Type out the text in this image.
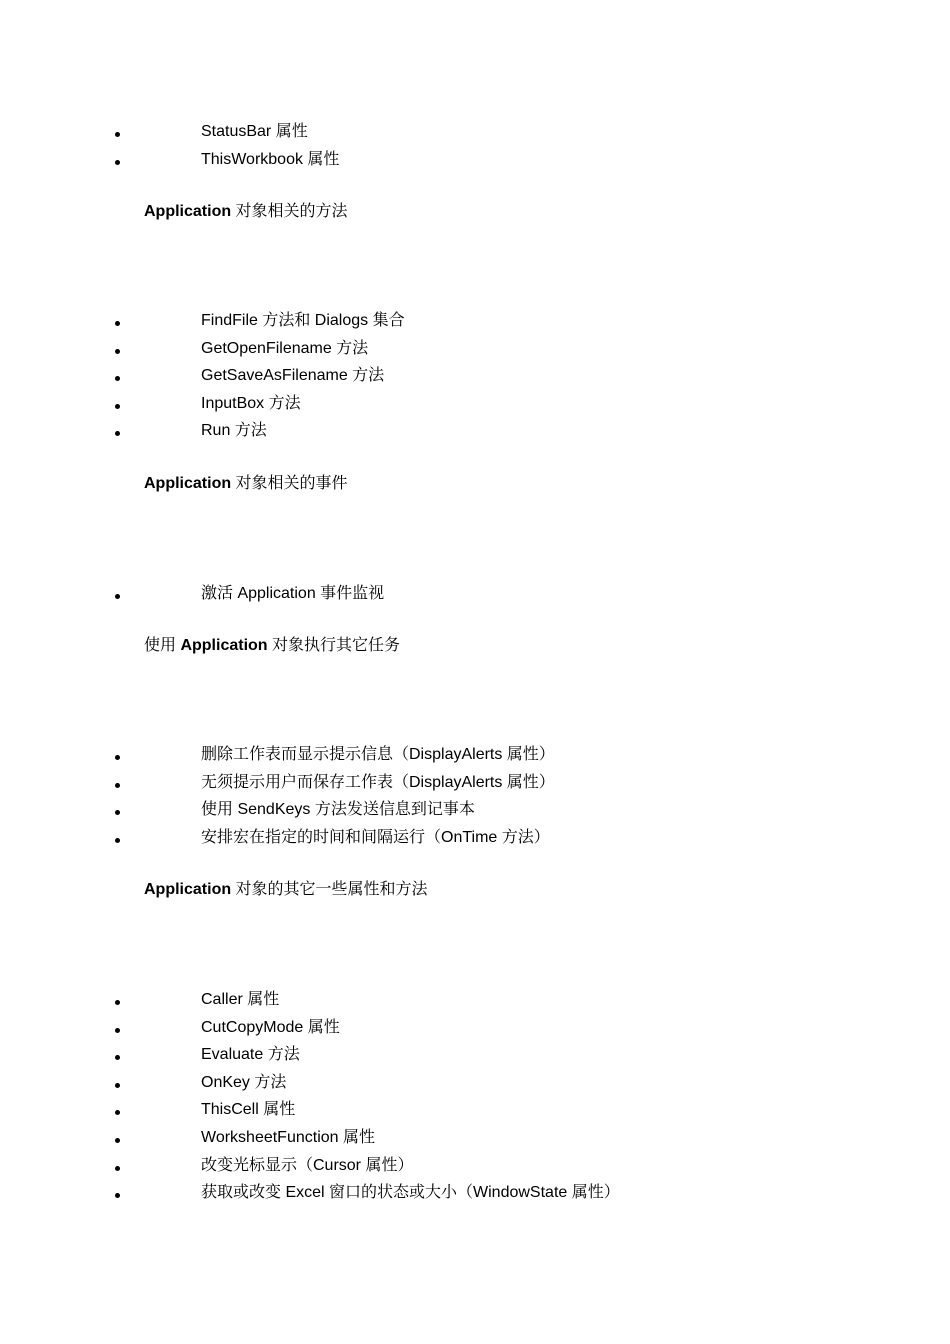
StatusBar 属性
ThisWorkbook 属性
Application 对象相关的方法
FindFile 方法和 Dialogs 集合
GetOpenFilename 方法
GetSaveAsFilename 方法
InputBox 方法
Run 方法
Application 对象相关的事件
激活 Application 事件监视
使用 Application 对象执行其它任务
删除工作表而显示提示信息（DisplayAlerts 属性）
无须提示用户而保存工作表（DisplayAlerts 属性）
使用 SendKeys 方法发送信息到记事本
安排宏在指定的时间和间隔运行（OnTime 方法）
Application 对象的其它一些属性和方法
Caller 属性
CutCopyMode 属性
Evaluate 方法
OnKey 方法
ThisCell 属性
WorksheetFunction 属性
改变光标显示（Cursor 属性）
获取或改变 Excel 窗口的状态或大小（WindowState 属性）
